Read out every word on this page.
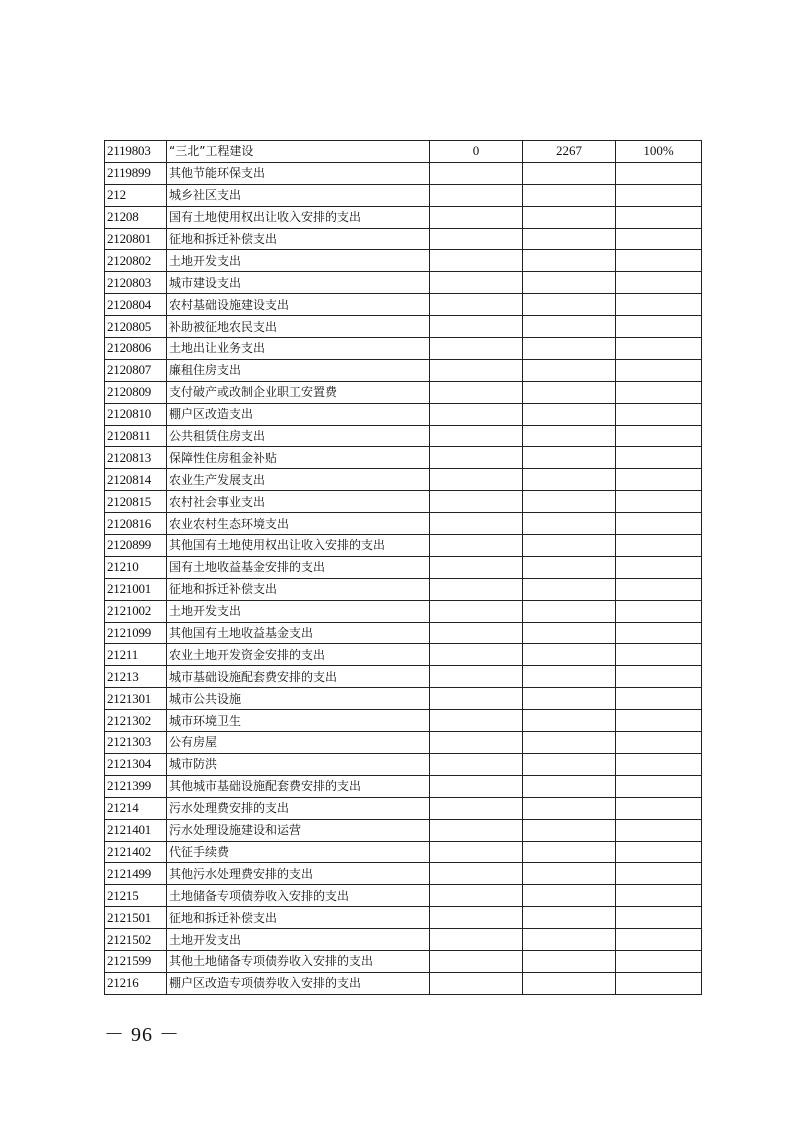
2119803	“三北”工程建设	0	2267	100%
2119899	其他节能环保支出			
212	城乡社区支出			
21208	国有土地使用权出让收入安排的支出			
2120801	征地和拆迁补偿支出			
2120802	土地开发支出			
2120803	城市建设支出			
2120804	农村基础设施建设支出			
2120805	补助被征地农民支出			
2120806	土地出让业务支出			
2120807	廉租住房支出			
2120809	支付破产或改制企业职工安置费			
2120810	棚户区改造支出			
2120811	公共租赁住房支出			
2120813	保障性住房租金补贴			
2120814	农业生产发展支出			
2120815	农村社会事业支出			
2120816	农业农村生态环境支出			
2120899	其他国有土地使用权出让收入安排的支出			
21210	国有土地收益基金安排的支出			
2121001	征地和拆迁补偿支出			
2121002	土地开发支出			
2121099	其他国有土地收益基金支出			
21211	农业土地开发资金安排的支出			
21213	城市基础设施配套费安排的支出			
2121301	城市公共设施			
2121302	城市环境卫生			
2121303	公有房屋			
2121304	城市防洪			
2121399	其他城市基础设施配套费安排的支出			
21214	污水处理费安排的支出			
2121401	污水处理设施建设和运营			
2121402	代征手续费			
2121499	其他污水处理费安排的支出			
21215	土地储备专项债券收入安排的支出			
2121501	征地和拆迁补偿支出			
2121502	土地开发支出			
2121599	其他土地储备专项债券收入安排的支出			
21216	棚户区改造专项债券收入安排的支出			
－ 96 －
